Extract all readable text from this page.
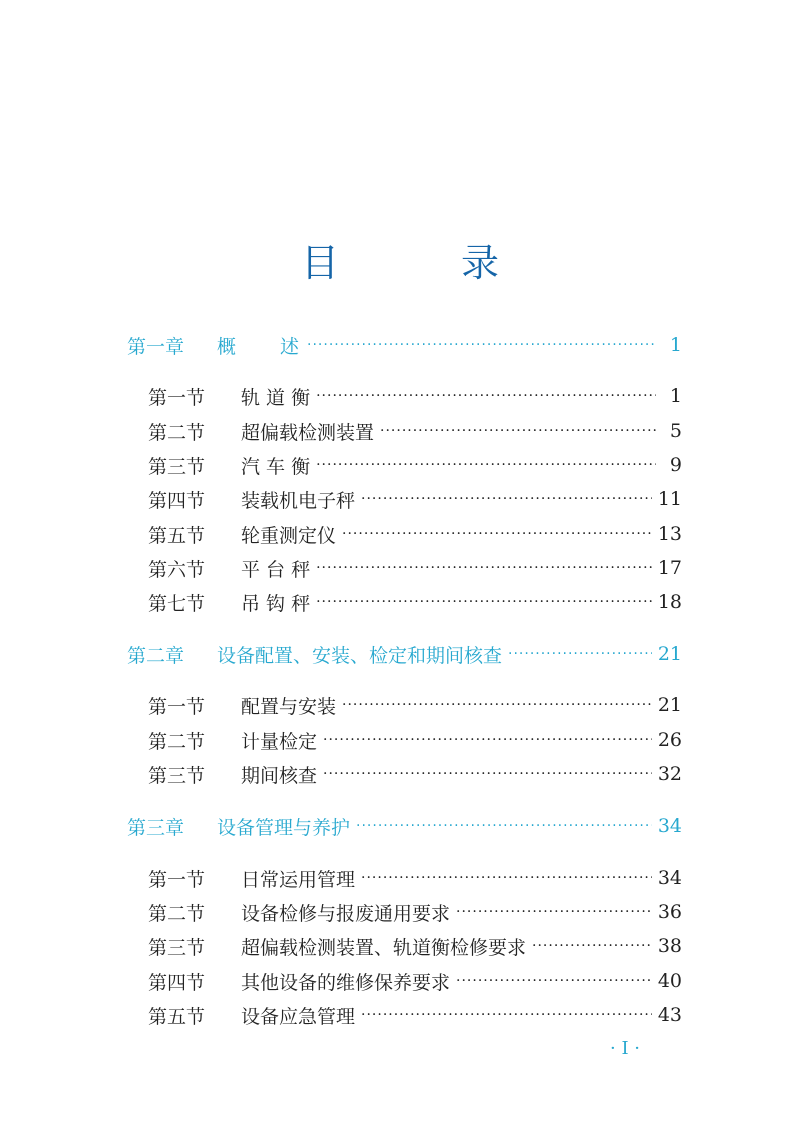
目　录
第一章	概　　述 ·····	1
第一节	轨 道 衡 ·····	1
第二节	超偏载检测装置 ·····	5
第三节	汽 车 衡 ·····	9
第四节	装载机电子秤 ·····	11
第五节	轮重测定仪 ·····	13
第六节	平 台 秤 ·····	17
第七节	吊 钩 秤 ·····	18
第二章	设备配置、安装、检定和期间核查 ·····	21
第一节	配置与安装 ·····	21
第二节	计量检定 ·····	26
第三节	期间核查 ·····	32
第三章	设备管理与养护 ·····	34
第一节	日常运用管理 ·····	34
第二节	设备检修与报废通用要求 ·····	36
第三节	超偏载检测装置、轨道衡检修要求 ·····	38
第四节	其他设备的维修保养要求 ·····	40
第五节	设备应急管理 ·····	43
· I ·
